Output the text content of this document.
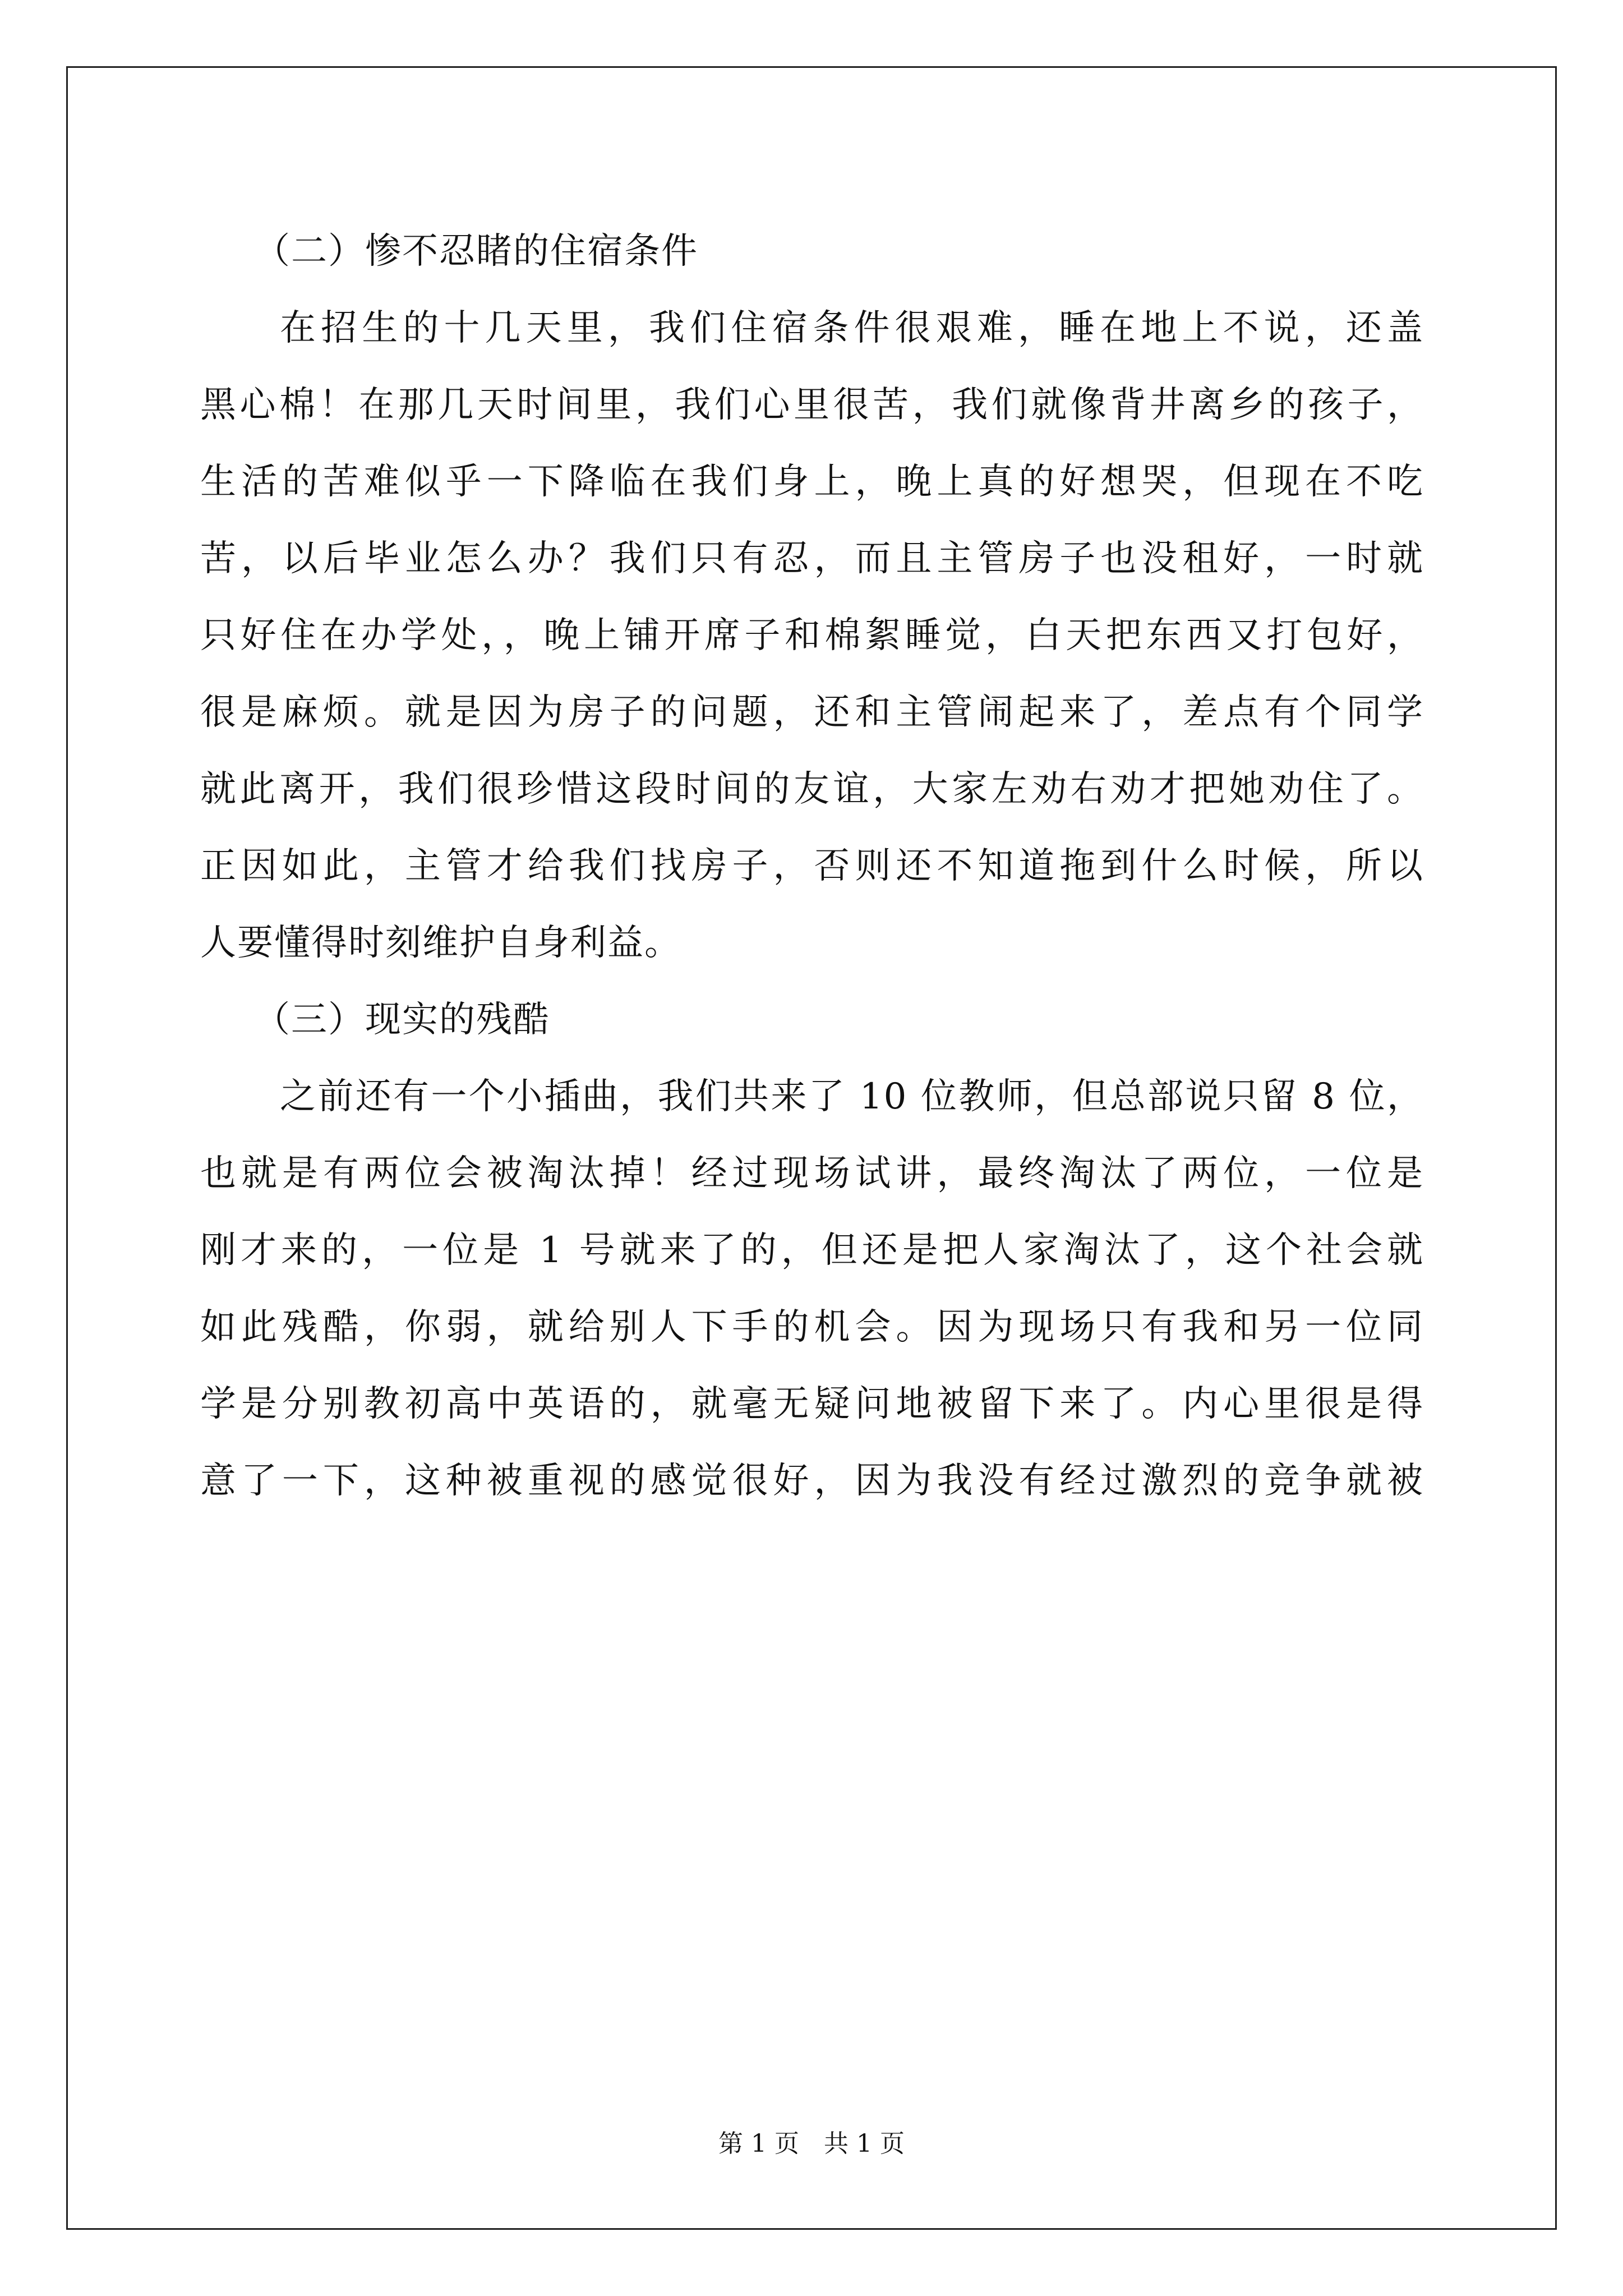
（二）惨不忍睹的住宿条件
在招生的十几天里，我们住宿条件很艰难，睡在地上不说，还盖
黑心棉！在那几天时间里，我们心里很苦，我们就像背井离乡的孩子，
生活的苦难似乎一下降临在我们身上，晚上真的好想哭，但现在不吃
苦，以后毕业怎么办？我们只有忍，而且主管房子也没租好，一时就
只好住在办学处，，晚上铺开席子和棉絮睡觉，白天把东西又打包好，
很是麻烦。就是因为房子的问题，还和主管闹起来了，差点有个同学
就此离开，我们很珍惜这段时间的友谊，大家左劝右劝才把她劝住了。
正因如此，主管才给我们找房子，否则还不知道拖到什么时候，所以
人要懂得时刻维护自身利益。
（三）现实的残酷
之前还有一个小插曲，我们共来了 10 位教师，但总部说只留 8 位，
也就是有两位会被淘汰掉！经过现场试讲，最终淘汰了两位，一位是
刚才来的，一位是 1 号就来了的，但还是把人家淘汰了，这个社会就
如此残酷，你弱，就给别人下手的机会。因为现场只有我和另一位同
学是分别教初高中英语的，就毫无疑问地被留下来了。内心里很是得
意了一下，这种被重视的感觉很好，因为我没有经过激烈的竞争就被
第 1 页　共 1 页
